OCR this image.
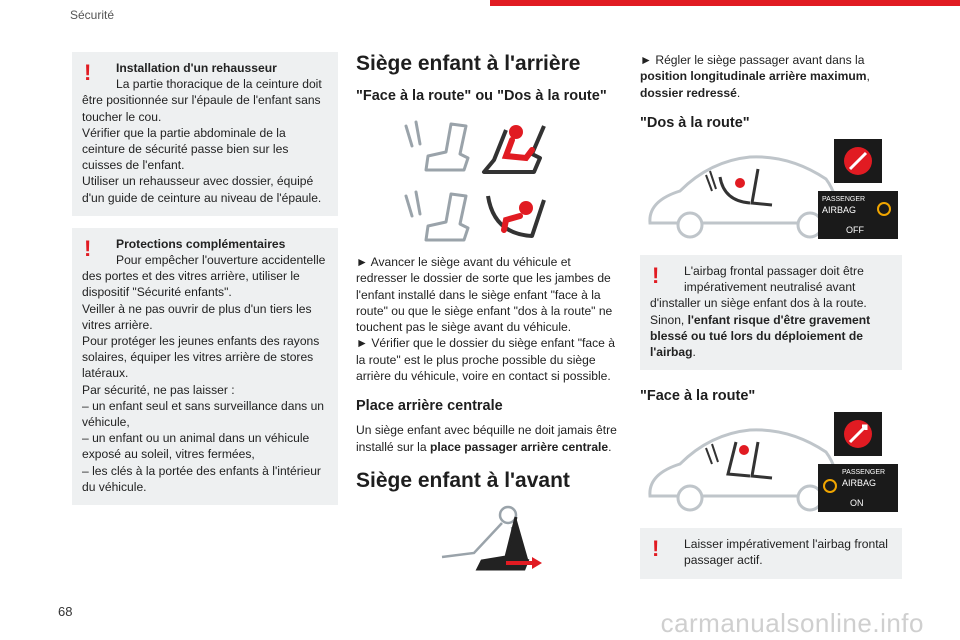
Sécurité
! Installation d'un rehausseur
La partie thoracique de la ceinture doit

être positionnée sur l'épaule de l'enfant sans toucher le cou.
Vérifier que la partie abdominale de la ceinture de sécurité passe bien sur les cuisses de l'enfant.
Utiliser un rehausseur avec dossier, équipé d'un guide de ceinture au niveau de l'épaule.

! Protections complémentaires
Pour empêcher l'ouverture accidentelle

des portes et des vitres arrière, utiliser le dispositif "Sécurité enfants".
Veiller à ne pas ouvrir de plus d'un tiers les vitres arrière.
Pour protéger les jeunes enfants des rayons solaires, équiper les vitres arrière de stores latéraux.
Par sécurité, ne pas laisser :
– un enfant seul et sans surveillance dans un véhicule,
– un enfant ou un animal dans un véhicule exposé au soleil, vitres fermées,
– les clés à la portée des enfants à l'intérieur du véhicule.

Siège enfant à l'arrière
"Face à la route" ou "Dos à la route"
► Avancer le siège avant du véhicule et redresser le dossier de sorte que les jambes de l'enfant installé dans le siège enfant "face à la route" ou que le siège enfant "dos à la route" ne touchent pas le siège avant du véhicule.
► Vérifier que le dossier du siège enfant "face à la route" est le plus proche possible du siège arrière du véhicule, voire en contact si possible.
Place arrière centrale
Un siège enfant avec béquille ne doit jamais être installé sur la place passager arrière centrale.
Siège enfant à l'avant
► Régler le siège passager avant dans la position longitudinale arrière maximum, dossier redressé.
"Dos à la route"
PASSENGER
AIRBAG
OFF
! L'airbag frontal passager doit être
impérativement neutralisé avant

d'installer un siège enfant dos à la route. Sinon, l'enfant risque d'être gravement blessé ou tué lors du déploiement de l'airbag.

"Face à la route"
PASSENGER
AIRBAG
ON
! Laisser impérativement l'airbag frontal
passager actif.
68	carmanualsonline.info
